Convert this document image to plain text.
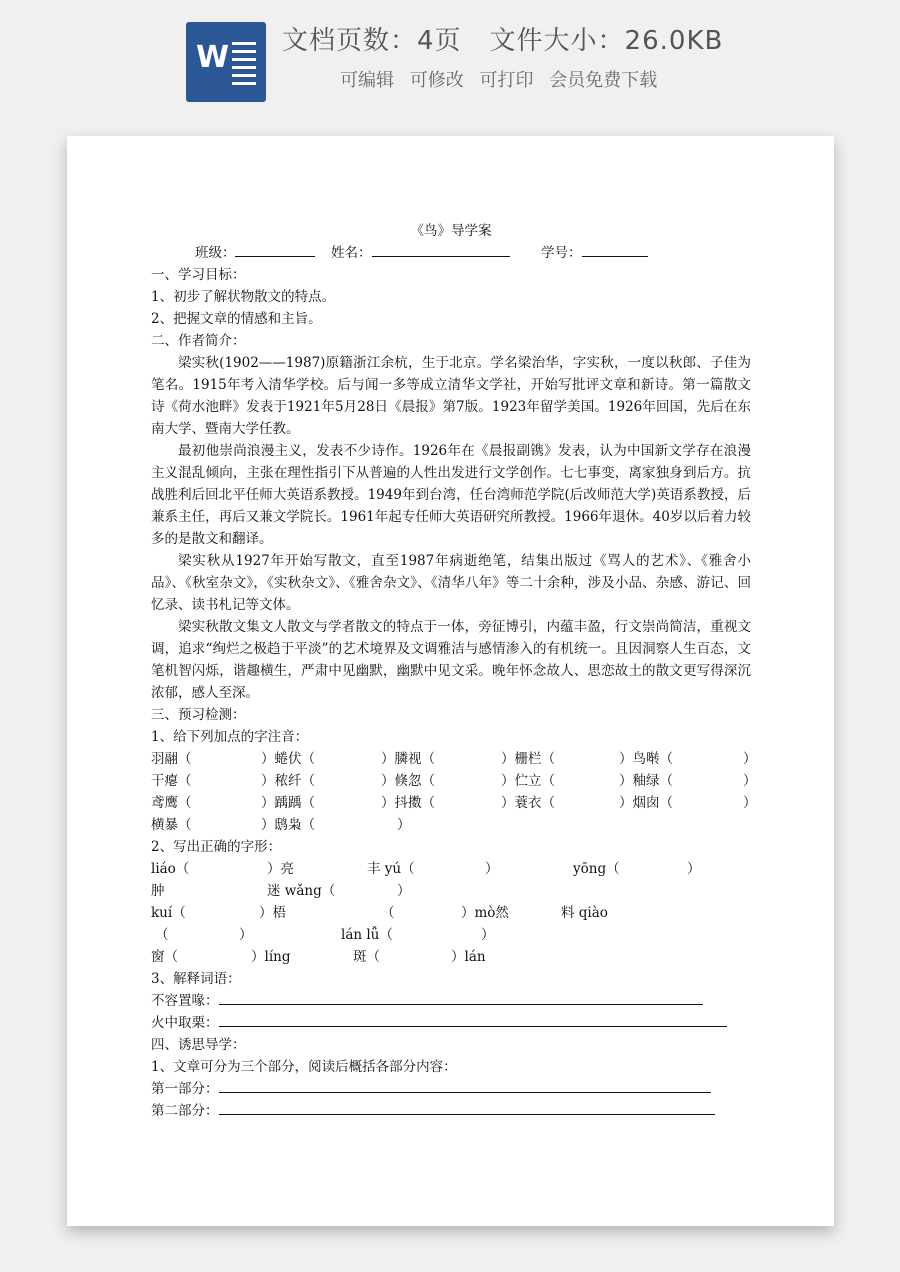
W 文档页数：4页 文件大小：26.0KB
可编辑 可修改 可打印 会员免费下载

《鸟》导学案

班级：	姓名：	学号：

一、学习目标：

1、初步了解状物散文的特点。

2、把握文章的情感和主旨。

二、作者简介：

梁实秋(1902——1987)原籍浙江余杭，生于北京。学名梁治华，字实秋，一度以秋郎、子佳为笔名。1915年考入清华学校。后与闻一多等成立清华文学社，开始写批评文章和新诗。第一篇散文诗《荷水池畔》发表于1921年5月28日《晨报》第7版。1923年留学美国。1926年回国，先后在东南大学、暨南大学任教。

最初他崇尚浪漫主义，发表不少诗作。1926年在《晨报副镌》发表，认为中国新文学存在浪漫主义混乱倾向，主张在理性指引下从普遍的人性出发进行文学创作。七七事变，离家独身到后方。抗战胜利后回北平任师大英语系教授。1949年到台湾，任台湾师范学院(后改师范大学)英语系教授，后兼系主任，再后又兼文学院长。1961年起专任师大英语研究所教授。1966年退休。40岁以后着力较多的是散文和翻译。

梁实秋从1927年开始写散文，直至1987年病逝绝笔，结集出版过《骂人的艺术》、《雅舍小品》、《秋室杂文》，《实秋杂文》、《雅舍杂文》、《清华八年》等二十余种，涉及小品、杂感、游记、回忆录、读书札记等文体。

梁实秋散文集文人散文与学者散文的特点于一体，旁征博引，内蕴丰盈，行文崇尚简洁，重视文调，追求“绚烂之极趋于平淡”的艺术境界及文调雅洁与感情渗入的有机统一。且因洞察人生百态，文笔机智闪烁，谐趣横生，严肃中见幽默，幽默中见文采。晚年怀念故人、思恋故土的散文更写得深沉浓郁，感人至深。

三、预习检测：

1、给下列加点的字注音：

羽翮（	）蜷伏（	）膦视（	）栅栏（	）鸟啭（	）
干瘪（	）秾纤（	）倏忽（	）伫立（	）釉绿（	）
鸢鹰（	）踽踽（	）抖擞（	）蓑衣（	）烟囱（	）
横暴（	）鸱枭（	）

2、写出正确的字形：

liáo（	）亮	丰 yú（	）	yōng（	）
肿	迷 wǎng（	）
kuí（	）梧	（	）mò然	料 qiào
（	）	lán lǚ（	）
窗（	）líng	斑（	）lán

3、解释词语：

不容置喙：
火中取栗：

四、诱思导学：

1、文章可分为三个部分，阅读后概括各部分内容：

第一部分：
第二部分：
